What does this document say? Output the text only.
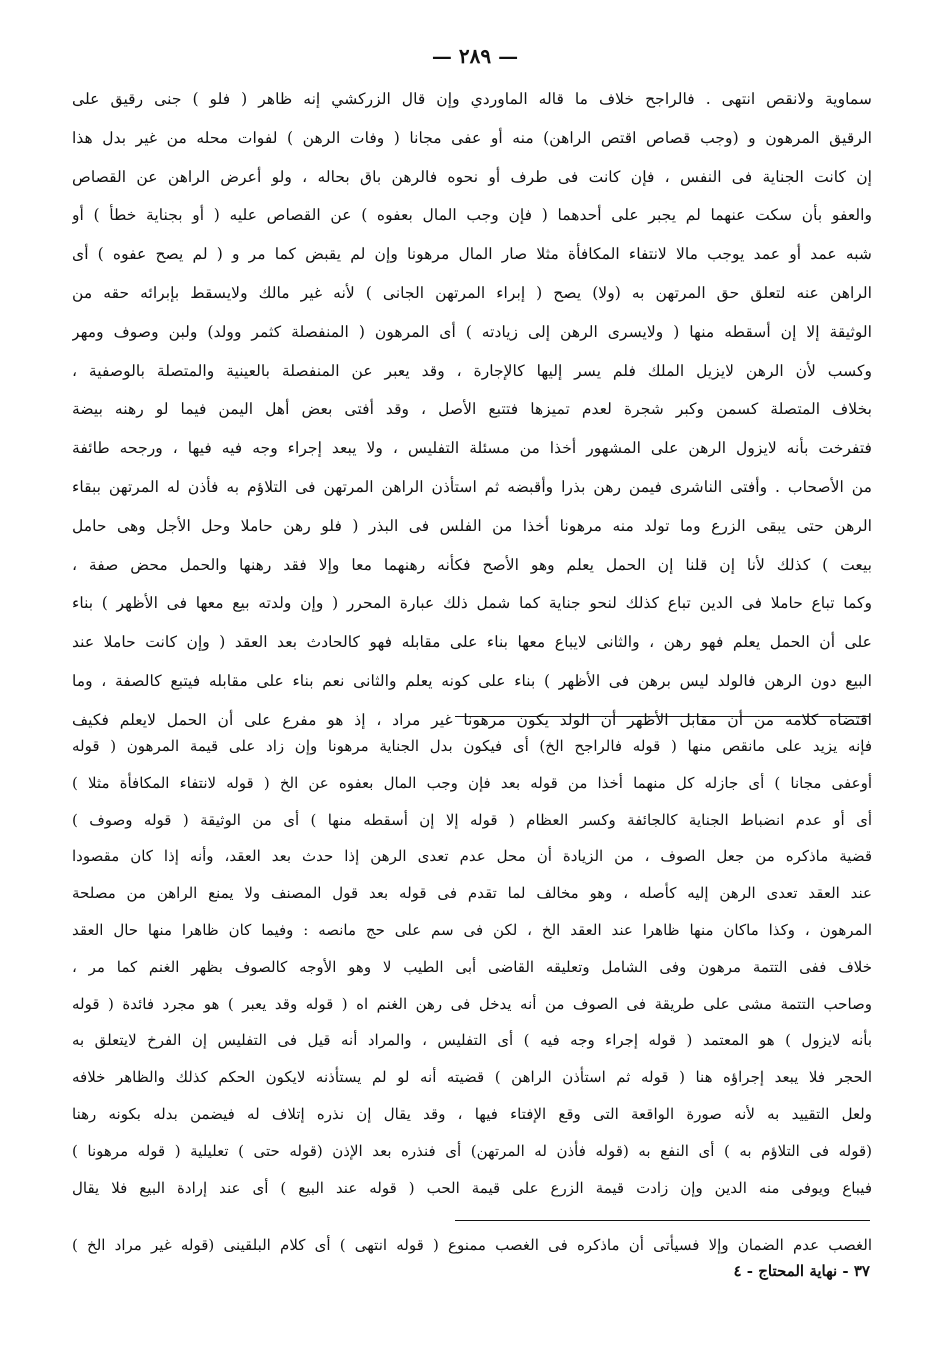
— ٢٨٩ —
سماوية ولانقص انتهى . فالراجح خلاف ما قاله الماوردي وإن قال الزركشي إنه ظاهر ( فلو ) جنى رقيق على
الرقيق المرهون و (وجب قصاص اقتص الراهن) منه أو عفى مجانا ( وفات الرهن ) لفوات محله من غير بدل هذا
إن كانت الجناية فى النفس ، فإن كانت فى طرف أو نحوه فالرهن باق بحاله ، ولو أعرض الراهن عن القصاص
والعفو بأن سكت عنهما لم يجبر على أحدهما ( فإن وجب المال بعفوه ) عن القصاص عليه ( أو بجناية خطأ ) أو
شبه عمد أو عمد يوجب مالا لانتفاء المكافأة مثلا صار المال مرهونا وإن لم يقبض كما مر و ( لم يصح عفوه ) أى
الراهن عنه لتعلق حق المرتهن به (ولا) يصح ( إبراء المرتهن الجانى ) لأنه غير مالك ولايسقط بإبرائه حقه من
الوثيقة إلا إن أسقطه منها ( ولايسرى الرهن إلى زيادته ) أى المرهون ( المنفصلة كثمر وولد) ولبن وصوف ومهر
وكسب لأن الرهن لايزيل الملك فلم يسر إليها كالإجارة ، وقد يعبر عن المنفصلة بالعينية والمتصلة بالوصفية ،
بخلاف المتصلة كسمن وكبر شجرة لعدم تميزها فتتبع الأصل ، وقد أفتى بعض أهل اليمن فيما لو رهنه بيضة
فتفرخت بأنه لايزول الرهن على المشهور أخذا من مسئلة التفليس ، ولا يبعد إجراء وجه فيه فيها ، ورجحه طائفة
من الأصحاب . وأفتى الناشرى فيمن رهن بذرا وأقبضه ثم استأذن الراهن المرتهن فى التلاؤم به فأذن له المرتهن ببقاء
الرهن حتى يبقى الزرع وما تولد منه مرهونا أخذا من الفلس فى البذر ( فلو رهن حاملا وحل الأجل وهى حامل
بيعت ) كذلك لأنا إن قلنا إن الحمل يعلم وهو الأصح فكأنه رهنهما معا وإلا فقد رهنها والحمل محض صفة ،
وكما تباع حاملا فى الدين تباع كذلك لنحو جناية كما شمل ذلك عبارة المحرر ( وإن ولدته بيع معها فى الأظهر ) بناء
على أن الحمل يعلم فهو رهن ، والثانى لايباع معها بناء على مقابله فهو كالحادث بعد العقد ( وإن كانت حاملا عند
البيع دون الرهن فالولد ليس برهن فى الأظهر ) بناء على كونه يعلم والثانى نعم بناء على مقابله فيتبع كالصفة ، وما
اقتضاه كلامه من أن مقابل الأظهر أن الولد يكون مرهونا غير مراد ، إذ هو مفرع على أن الحمل لايعلم فكيف
فإنه يزيد على مانقص منها ( قوله فالراجح الخ) أى فيكون بدل الجناية مرهونا وإن زاد على قيمة المرهون ( قوله
أوعفى مجانا ) أى جازله كل منهما أخذا من قوله بعد فإن وجب المال بعفوه عن الخ ( قوله لانتفاء المكافأة مثلا )
أى أو عدم انضباط الجناية كالجائفة وكسر العظام ( قوله إلا إن أسقطه منها ) أى من الوثيقة ( قوله وصوف )
قضية ماذكره من جعل الصوف ، من الزيادة أن محل عدم تعدى الرهن إذا حدث بعد العقد، وأنه إذا كان مقصودا
عند العقد تعدى الرهن إليه كأصله ، وهو مخالف لما تقدم فى قوله بعد قول المصنف ولا يمنع الراهن من مصلحة
المرهون ، وكذا ماكان منها ظاهرا عند العقد الخ ، لكن فى سم على حج مانصه : وفيما كان ظاهرا منها حال العقد
خلاف ففى التتمة مرهون وفى الشامل وتعليقه القاضى أبى الطيب لا وهو الأوجه كالصوف بظهر الغنم كما مر ،
وصاحب التتمة مشى على طريقة فى الصوف من أنه يدخل فى رهن الغنم اه ( قوله وقد يعبر ) هو مجرد فائدة ( قوله
بأنه لايزول ) هو المعتمد ( قوله إجراء وجه فيه ) أى التفليس ، والمراد أنه قيل فى التفليس إن الفرخ لايتعلق به
الحجر فلا يبعد إجراؤه هنا ( قوله ثم استأذن الراهن ) قضيته أنه لو لم يستأذنه لايكون الحكم كذلك والظاهر خلافه
ولعل التقييد به لأنه صورة الواقعة التى وقع الإفتاء فيها ، وقد يقال إن نذره إتلاف له فيضمن بدله بكونه رهنا
(قوله فى التلاؤم به ) أى النفع به (قوله فأذن له المرتهن) أى فنذره بعد الإذن (قوله حتى ) تعليلية ( قوله مرهونا )
فيباع ويوفى منه الدين وإن زادت قيمة الزرع على قيمة الحب ( قوله عند البيع ) أى عند إرادة البيع فلا يقال
الغصب عدم الضمان وإلا فسيأتى أن ماذكره فى الغصب ممنوع ( قوله انتهى ) أى كلام البلقينى (قوله غير مراد الخ )
٣٧ - نهاية المحتاج - ٤
